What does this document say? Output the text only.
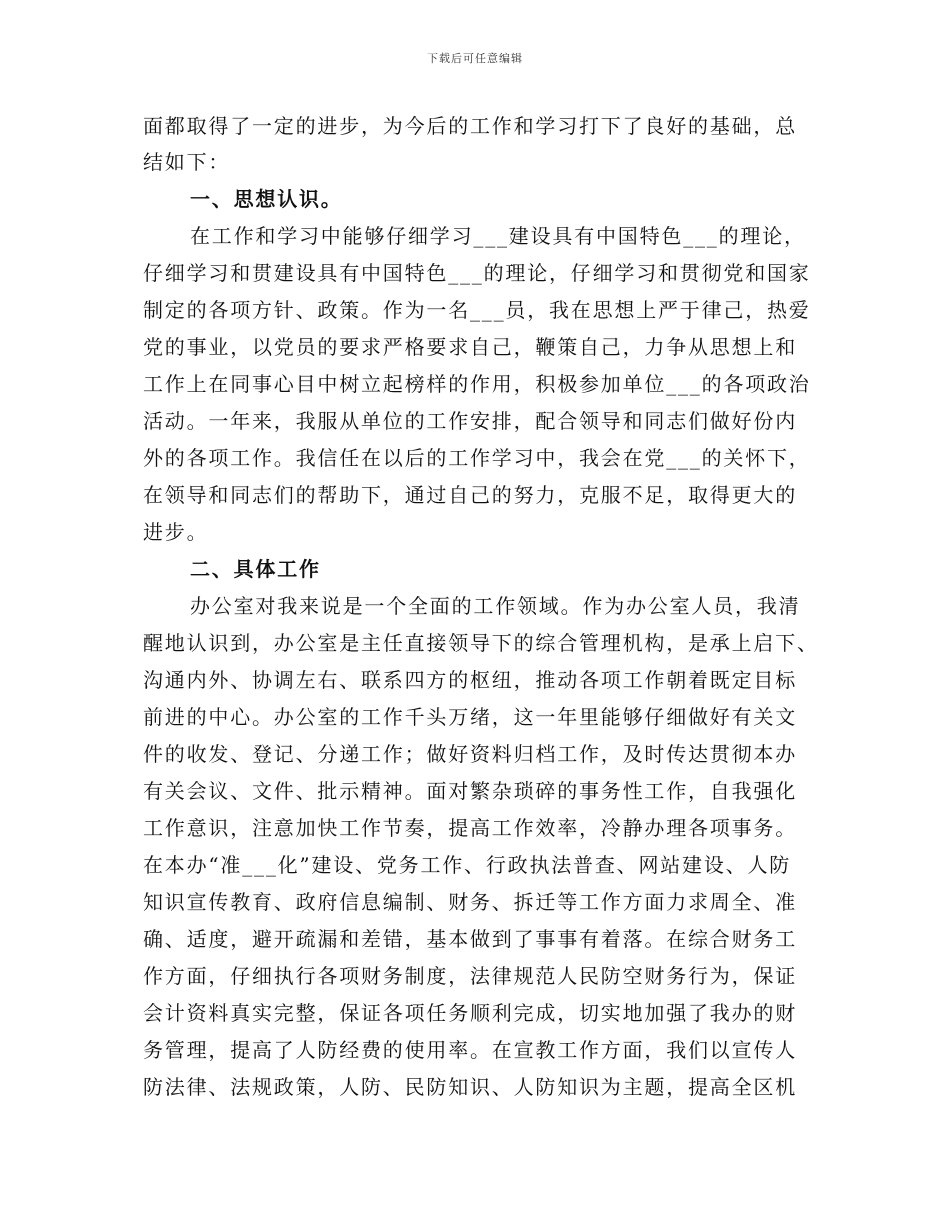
下载后可任意编辑
面都取得了一定的进步，为今后的工作和学习打下了良好的基础，总
结如下：
一、思想认识。
在工作和学习中能够仔细学习___建设具有中国特色___的理论，
仔细学习和贯建设具有中国特色___的理论，仔细学习和贯彻党和国家
制定的各项方针、政策。作为一名___员，我在思想上严于律己，热爱
党的事业，以党员的要求严格要求自己，鞭策自己，力争从思想上和
工作上在同事心目中树立起榜样的作用，积极参加单位___的各项政治
活动。一年来，我服从单位的工作安排，配合领导和同志们做好份内
外的各项工作。我信任在以后的工作学习中，我会在党___的关怀下，
在领导和同志们的帮助下，通过自己的努力，克服不足，取得更大的
进步。
二、具体工作
办公室对我来说是一个全面的工作领域。作为办公室人员，我清
醒地认识到，办公室是主任直接领导下的综合管理机构，是承上启下、
沟通内外、协调左右、联系四方的枢纽，推动各项工作朝着既定目标
前进的中心。办公室的工作千头万绪，这一年里能够仔细做好有关文
件的收发、登记、分递工作；做好资料归档工作，及时传达贯彻本办
有关会议、文件、批示精神。面对繁杂琐碎的事务性工作，自我强化
工作意识，注意加快工作节奏，提高工作效率，冷静办理各项事务。
在本办“准___化”建设、党务工作、行政执法普查、网站建设、人防
知识宣传教育、政府信息编制、财务、拆迁等工作方面力求周全、准
确、适度，避开疏漏和差错，基本做到了事事有着落。在综合财务工
作方面，仔细执行各项财务制度，法律规范人民防空财务行为，保证
会计资料真实完整，保证各项任务顺利完成，切实地加强了我办的财
务管理，提高了人防经费的使用率。在宣教工作方面，我们以宣传人
防法律、法规政策，人防、民防知识、人防知识为主题，提高全区机
